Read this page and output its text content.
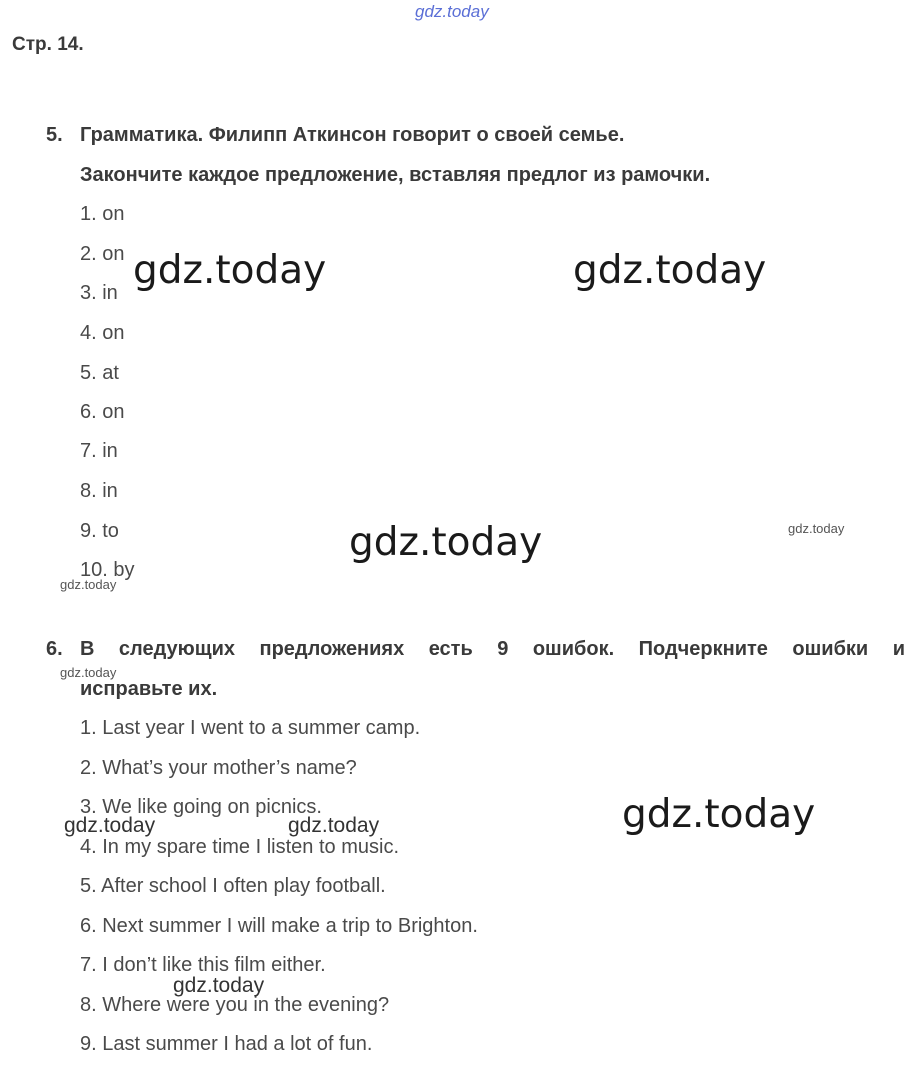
gdz.today
Стр. 14.
5. Грамматика. Филипп Аткинсон говорит о своей семье.
Закончите каждое предложение, вставляя предлог из рамочки.
1. on
2. on
3. in
4. on
5. at
6. on
7. in
8. in
9. to
10. by
6. В следующих предложениях есть 9 ошибок. Подчеркните ошибки и
исправьте их.
1. Last year I went to a summer camp.
2. What’s your mother’s name?
3. We like going on picnics.
4. In my spare time I listen to music.
5. After school I often play football.
6. Next summer I will make a trip to Brighton.
7. I don’t like this film either.
8. Where were you in the evening?
9. Last summer I had a lot of fun.
gdz.today	gdz.today
gdz.today
gdz.today
gdz.today
gdz.today
gdz.today
gdz.today	gdz.today
gdz.today
